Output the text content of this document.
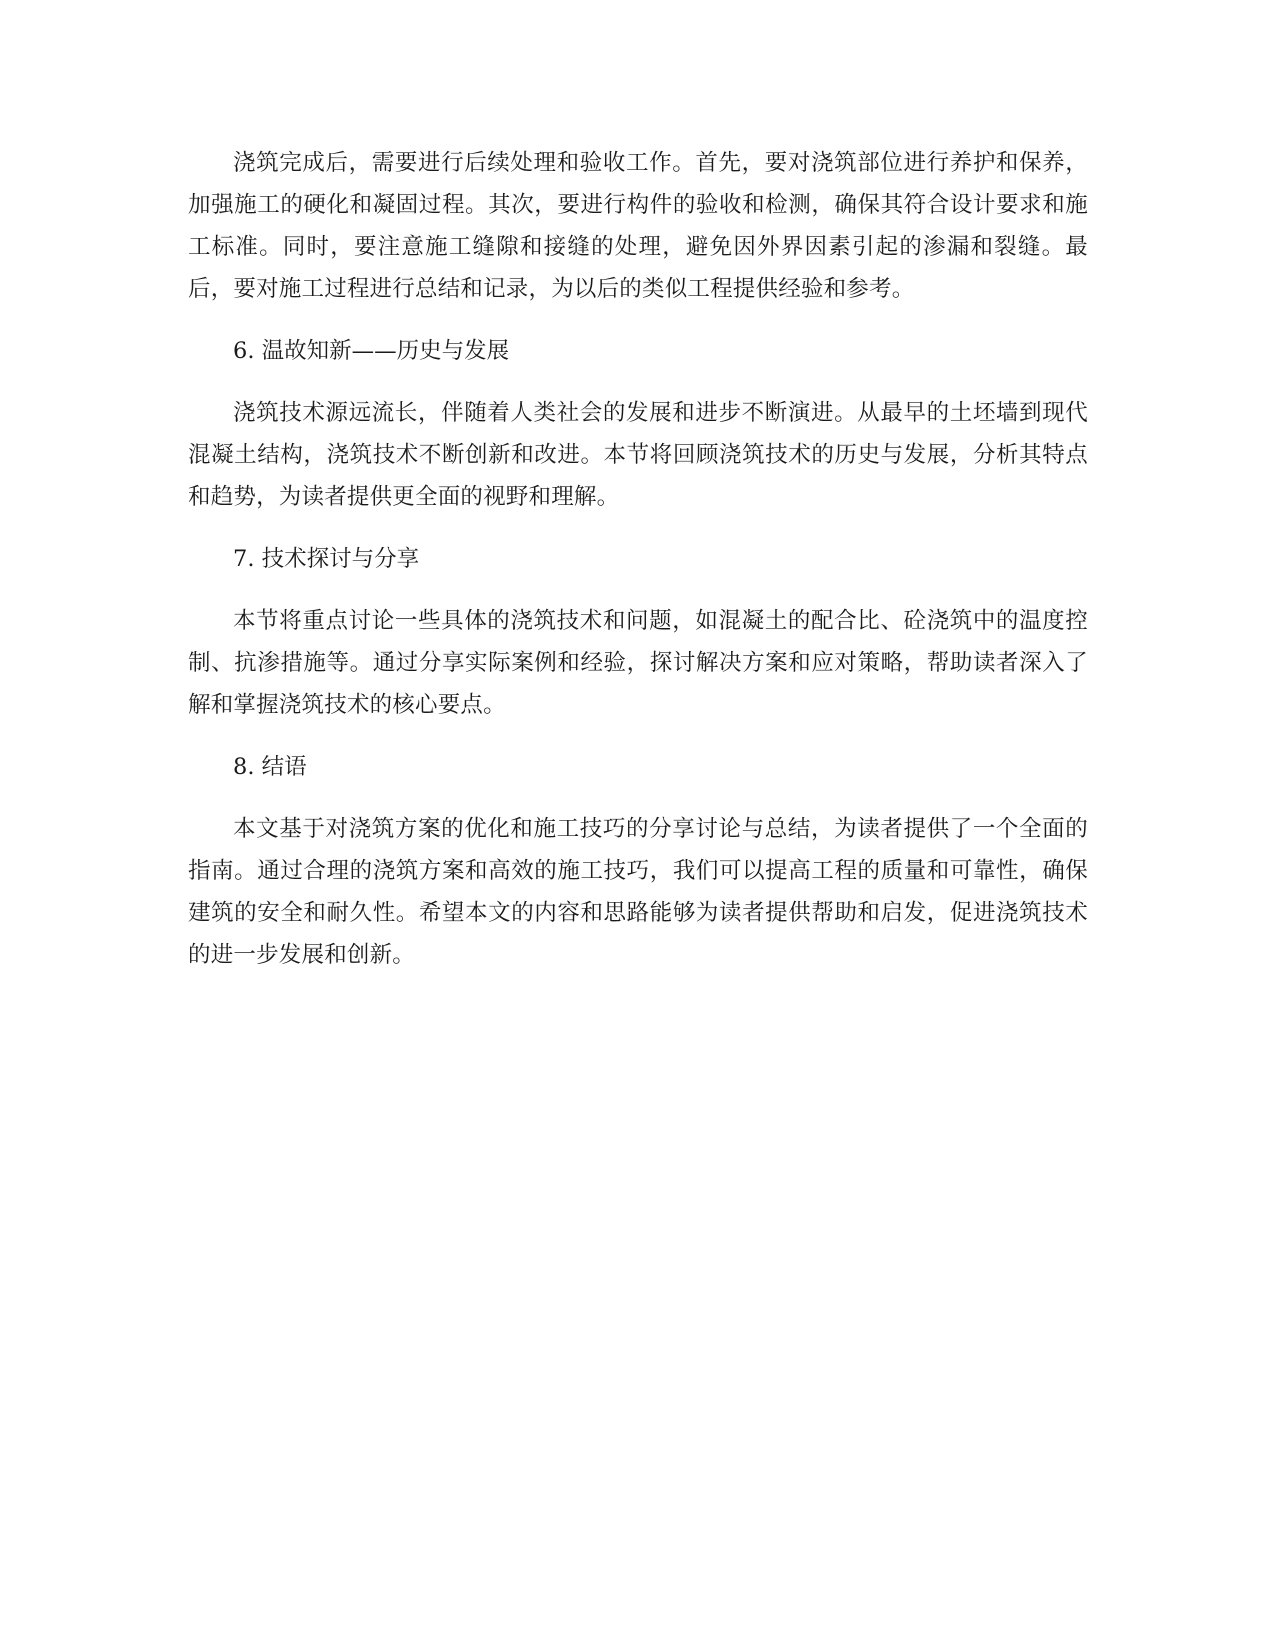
浇筑完成后，需要进行后续处理和验收工作。首先，要对浇筑部位进行养护和保养，加强施工的硬化和凝固过程。其次，要进行构件的验收和检测，确保其符合设计要求和施工标准。同时，要注意施工缝隙和接缝的处理，避免因外界因素引起的渗漏和裂缝。最后，要对施工过程进行总结和记录，为以后的类似工程提供经验和参考。

6. 温故知新——历史与发展

浇筑技术源远流长，伴随着人类社会的发展和进步不断演进。从最早的土坯墙到现代混凝土结构，浇筑技术不断创新和改进。本节将回顾浇筑技术的历史与发展，分析其特点和趋势，为读者提供更全面的视野和理解。

7. 技术探讨与分享

本节将重点讨论一些具体的浇筑技术和问题，如混凝土的配合比、砼浇筑中的温度控制、抗渗措施等。通过分享实际案例和经验，探讨解决方案和应对策略，帮助读者深入了解和掌握浇筑技术的核心要点。

8. 结语

本文基于对浇筑方案的优化和施工技巧的分享讨论与总结，为读者提供了一个全面的指南。通过合理的浇筑方案和高效的施工技巧，我们可以提高工程的质量和可靠性，确保建筑的安全和耐久性。希望本文的内容和思路能够为读者提供帮助和启发，促进浇筑技术的进一步发展和创新。
